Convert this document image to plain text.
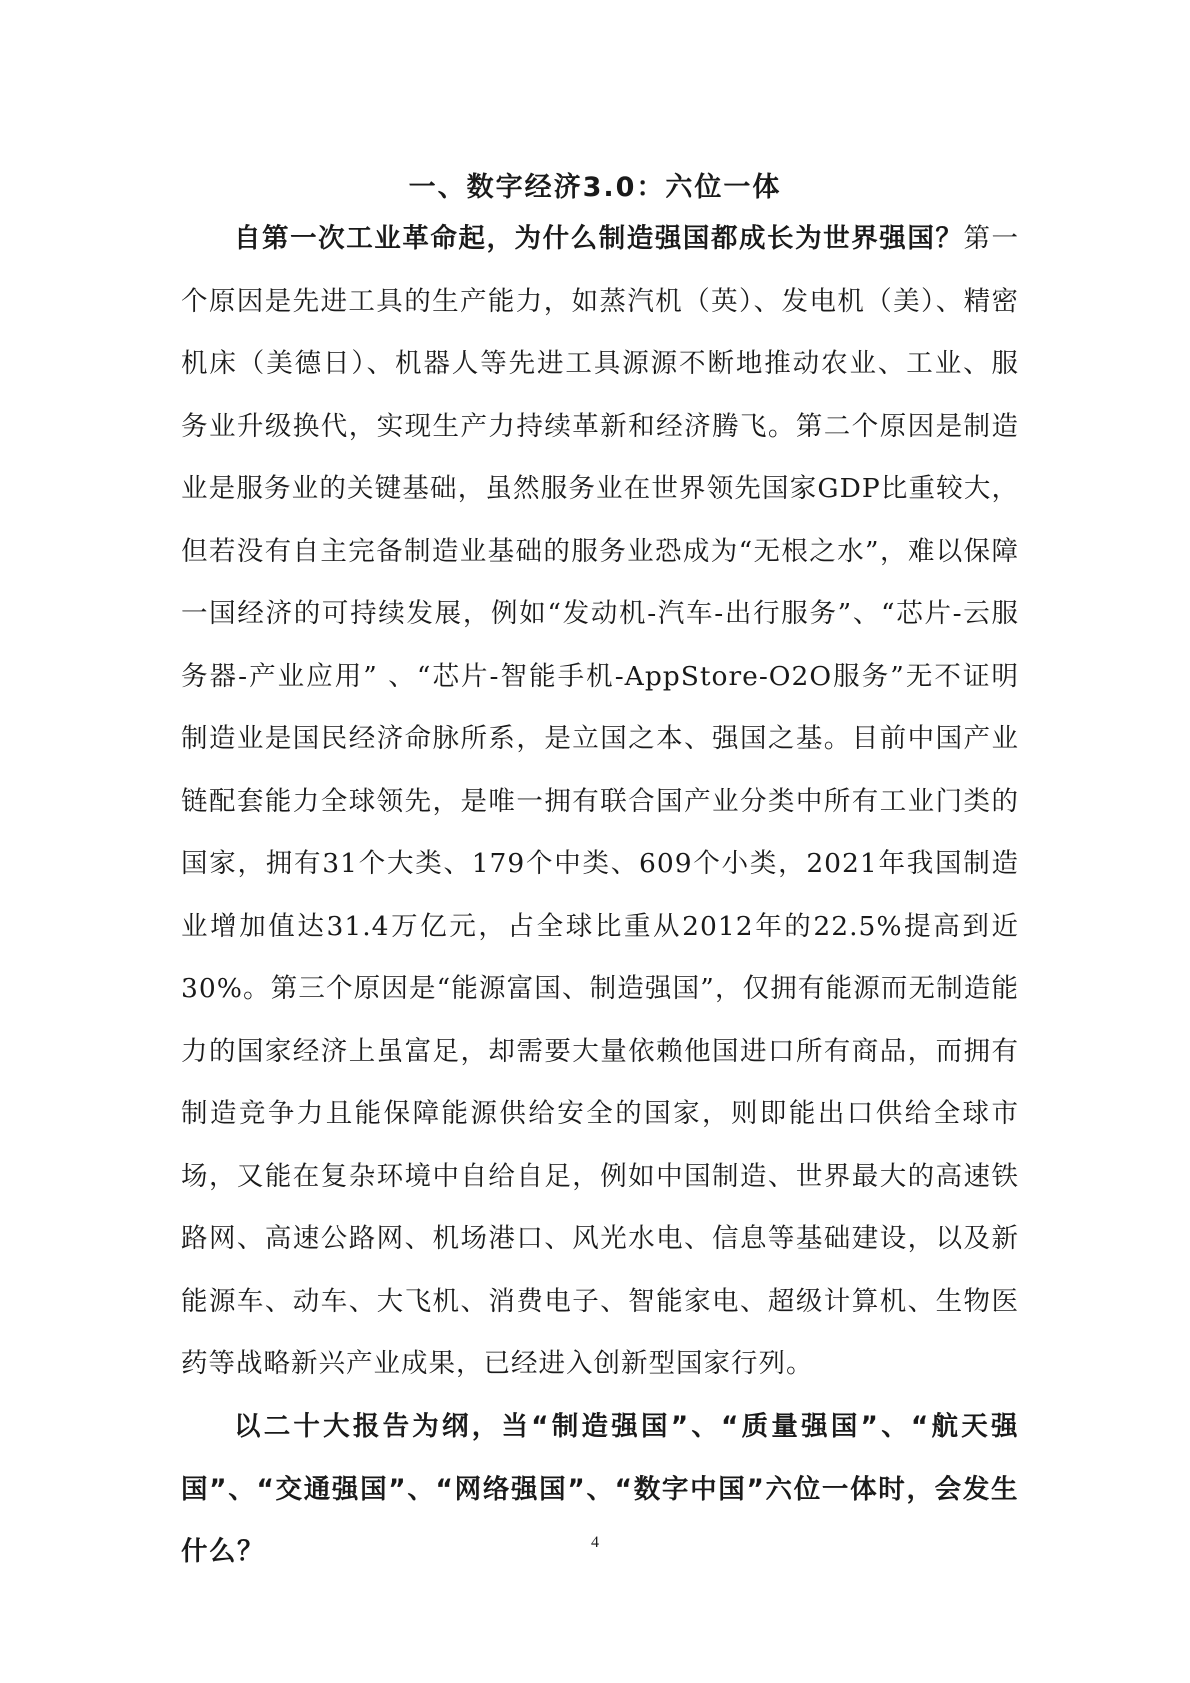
一、数字经济3.0：六位一体

自第一次工业革命起，为什么制造强国都成长为世界强国？第一个原因是先进工具的生产能力，如蒸汽机（英）、发电机（美）、精密机床（美德日）、机器人等先进工具源源不断地推动农业、工业、服务业升级换代，实现生产力持续革新和经济腾飞。第二个原因是制造业是服务业的关键基础，虽然服务业在世界领先国家GDP比重较大，但若没有自主完备制造业基础的服务业恐成为“无根之水”，难以保障一国经济的可持续发展，例如“发动机-汽车-出行服务”、“芯片-云服务器-产业应用” 、“芯片-智能手机-AppStore-O2O服务”无不证明制造业是国民经济命脉所系，是立国之本、强国之基。目前中国产业链配套能力全球领先，是唯一拥有联合国产业分类中所有工业门类的国家，拥有31个大类、179个中类、609个小类，2021年我国制造业增加值达31.4万亿元，占全球比重从2012年的22.5%提高到近30%。第三个原因是“能源富国、制造强国”，仅拥有能源而无制造能力的国家经济上虽富足，却需要大量依赖他国进口所有商品，而拥有制造竞争力且能保障能源供给安全的国家，则即能出口供给全球市场，又能在复杂环境中自给自足，例如中国制造、世界最大的高速铁路网、高速公路网、机场港口、风光水电、信息等基础建设，以及新能源车、动车、大飞机、消费电子、智能家电、超级计算机、生物医药等战略新兴产业成果，已经进入创新型国家行列。

以二十大报告为纲，当“制造强国”、“质量强国”、“航天强国”、“交通强国”、“网络强国”、“数字中国”六位一体时，会发生什么？	4
